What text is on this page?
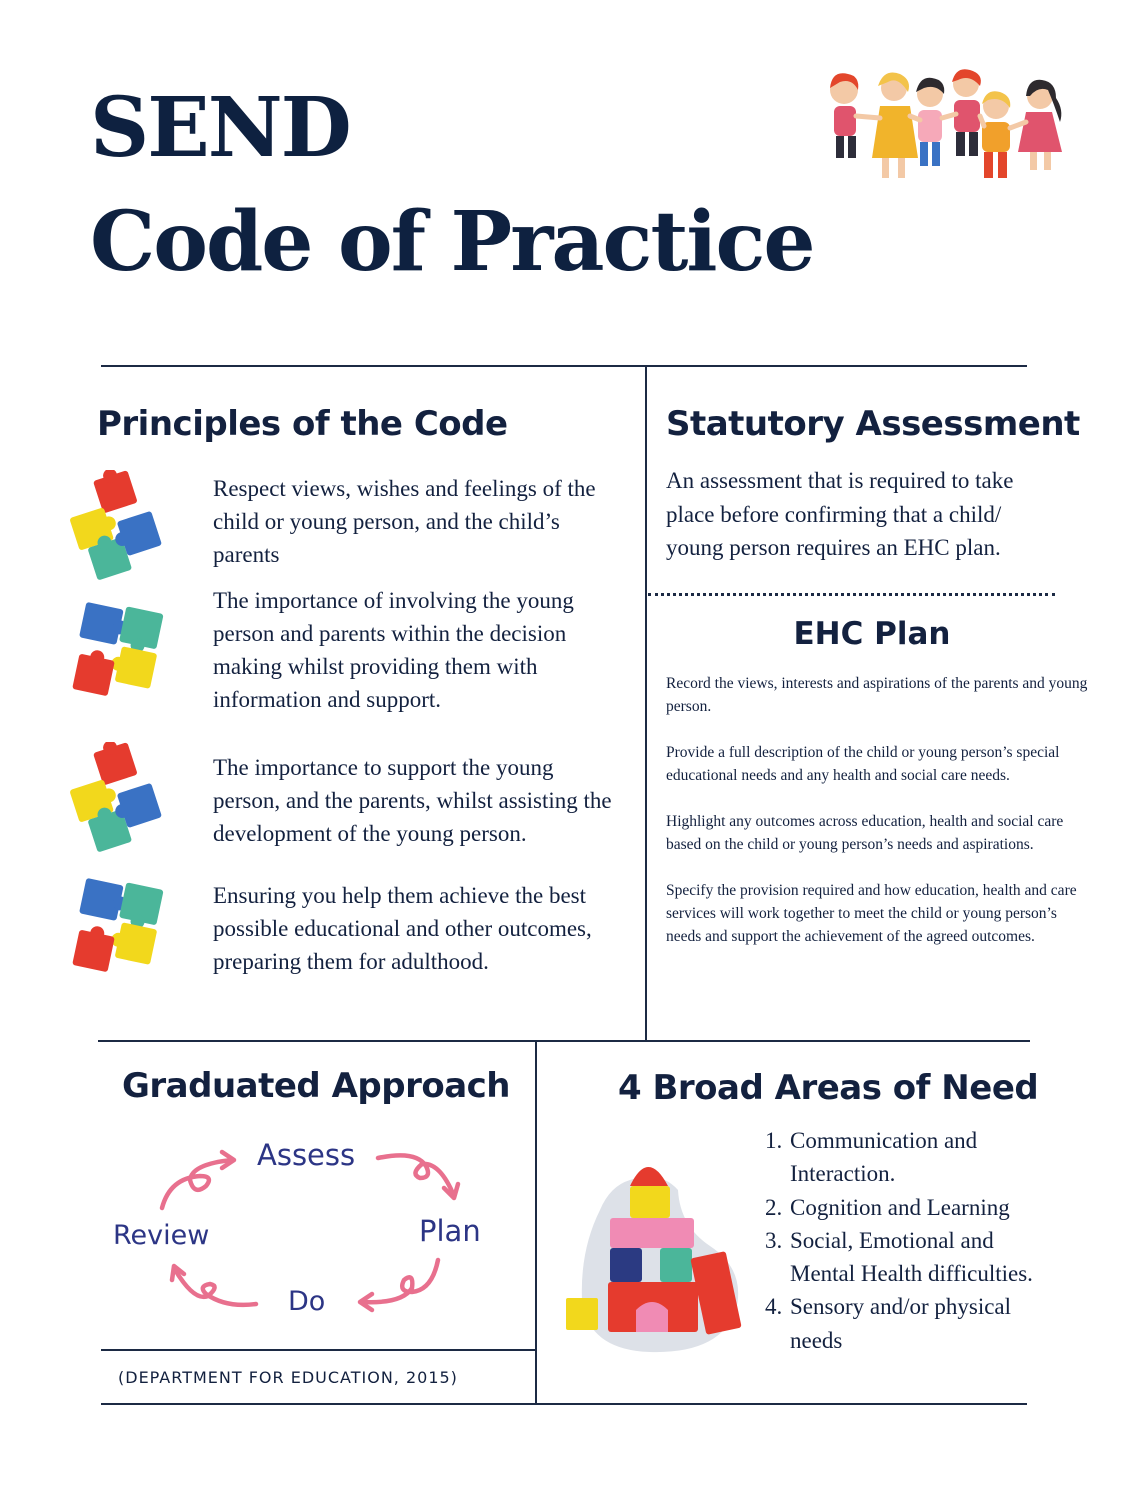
SEND
Code of Practice
Principles of the Code
Respect views, wishes and feelings of the child or young person, and the child’s parents
The importance of involving the young person and parents within the decision making whilst providing them with information and support.
The importance to support the young person, and the parents, whilst assisting the development of the young person.
Ensuring you help them achieve the best possible educational and other outcomes, preparing them for adulthood.
Statutory Assessment
An assessment that is required to take place before confirming that a child/ young person requires an EHC plan.
EHC Plan

Record the views, interests and aspirations of the parents and young person.

Provide a full description of the child or young person’s special educational needs and any health and social care needs.

Highlight any outcomes across education, health and social care based on the child or young person’s needs and aspirations.

Specify the provision required and how education, health and care services will work together to meet the child or young person’s needs and support the achievement of the agreed outcomes.

Graduated Approach
Assess
Plan
Do
Review
(DEPARTMENT FOR EDUCATION, 2015)
4 Broad Areas of Need
1. Communication and Interaction.
2. Cognition and Learning
3. Social, Emotional and Mental Health difficulties.
4. Sensory and/or physical needs
